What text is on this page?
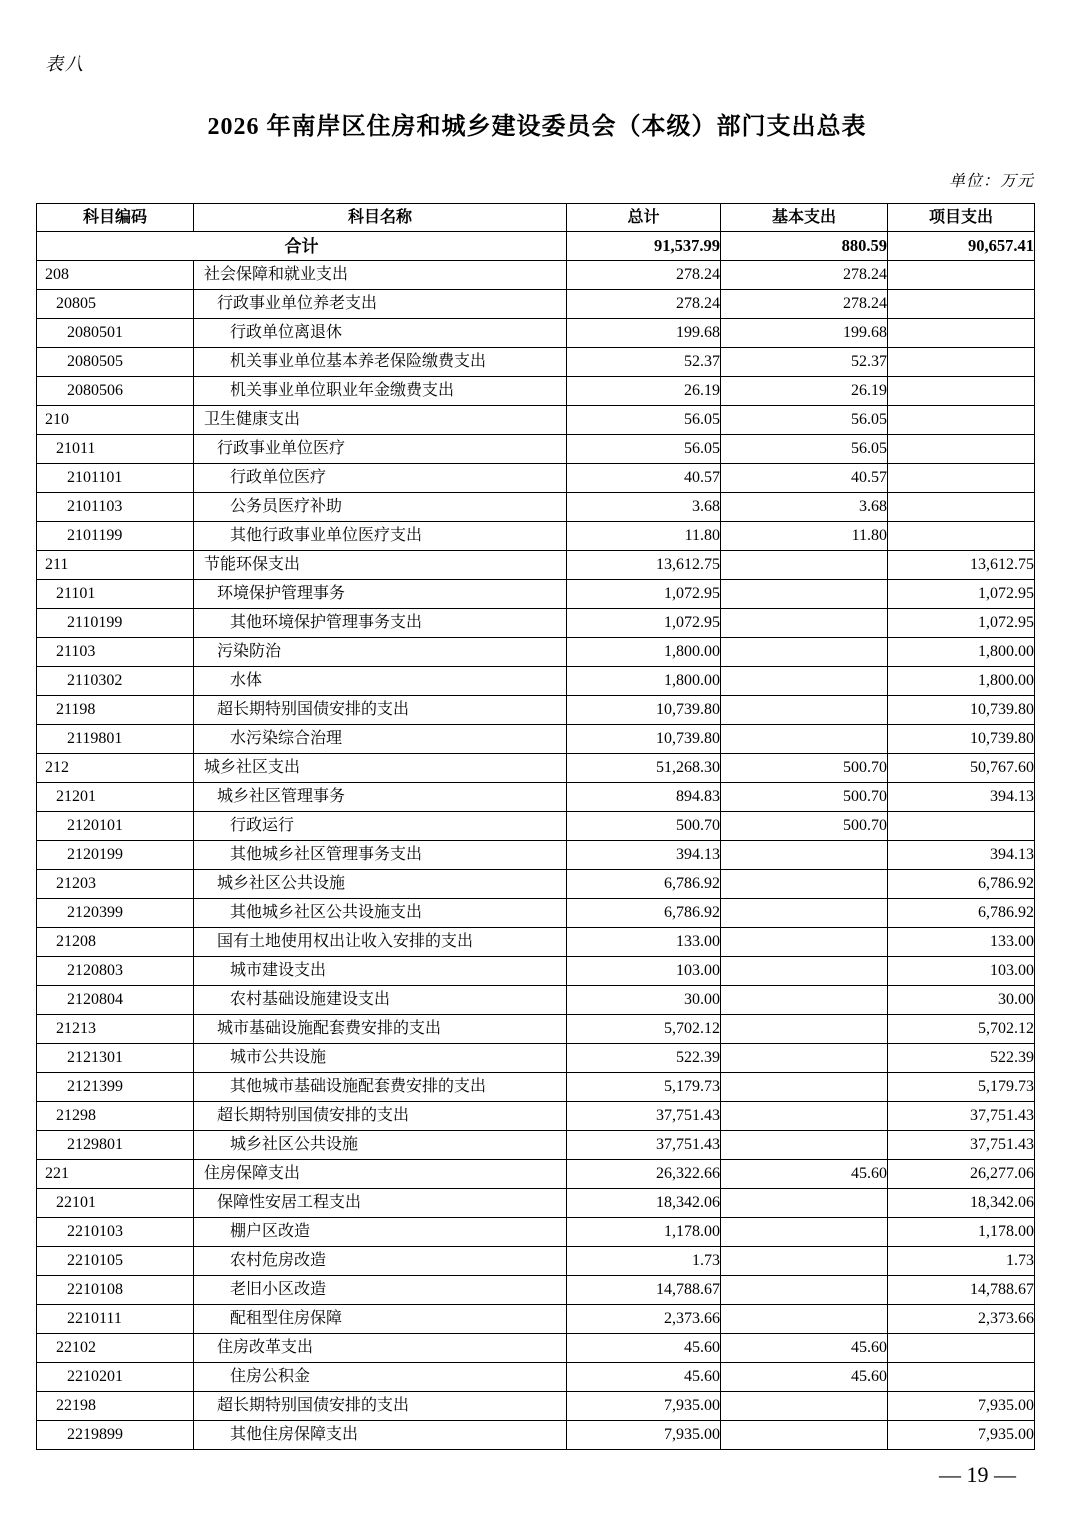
表八
2026 年南岸区住房和城乡建设委员会（本级）部门支出总表
单位：万元
科目编码	科目名称	总计	基本支出	项目支出
合计		91,537.99	880.59	90,657.41
208	社会保障和就业支出	278.24	278.24	
20805	行政事业单位养老支出	278.24	278.24	
2080501	行政单位离退休	199.68	199.68	
2080505	机关事业单位基本养老保险缴费支出	52.37	52.37	
2080506	机关事业单位职业年金缴费支出	26.19	26.19	
210	卫生健康支出	56.05	56.05	
21011	行政事业单位医疗	56.05	56.05	
2101101	行政单位医疗	40.57	40.57	
2101103	公务员医疗补助	3.68	3.68	
2101199	其他行政事业单位医疗支出	11.80	11.80	
211	节能环保支出	13,612.75		13,612.75
21101	环境保护管理事务	1,072.95		1,072.95
2110199	其他环境保护管理事务支出	1,072.95		1,072.95
21103	污染防治	1,800.00		1,800.00
2110302	水体	1,800.00		1,800.00
21198	超长期特别国债安排的支出	10,739.80		10,739.80
2119801	水污染综合治理	10,739.80		10,739.80
212	城乡社区支出	51,268.30	500.70	50,767.60
21201	城乡社区管理事务	894.83	500.70	394.13
2120101	行政运行	500.70	500.70	
2120199	其他城乡社区管理事务支出	394.13		394.13
21203	城乡社区公共设施	6,786.92		6,786.92
2120399	其他城乡社区公共设施支出	6,786.92		6,786.92
21208	国有土地使用权出让收入安排的支出	133.00		133.00
2120803	城市建设支出	103.00		103.00
2120804	农村基础设施建设支出	30.00		30.00
21213	城市基础设施配套费安排的支出	5,702.12		5,702.12
2121301	城市公共设施	522.39		522.39
2121399	其他城市基础设施配套费安排的支出	5,179.73		5,179.73
21298	超长期特别国债安排的支出	37,751.43		37,751.43
2129801	城乡社区公共设施	37,751.43		37,751.43
221	住房保障支出	26,322.66	45.60	26,277.06
22101	保障性安居工程支出	18,342.06		18,342.06
2210103	棚户区改造	1,178.00		1,178.00
2210105	农村危房改造	1.73		1.73
2210108	老旧小区改造	14,788.67		14,788.67
2210111	配租型住房保障	2,373.66		2,373.66
22102	住房改革支出	45.60	45.60	
2210201	住房公积金	45.60	45.60	
22198	超长期特别国债安排的支出	7,935.00		7,935.00
2219899	其他住房保障支出	7,935.00		7,935.00
— 19 —
